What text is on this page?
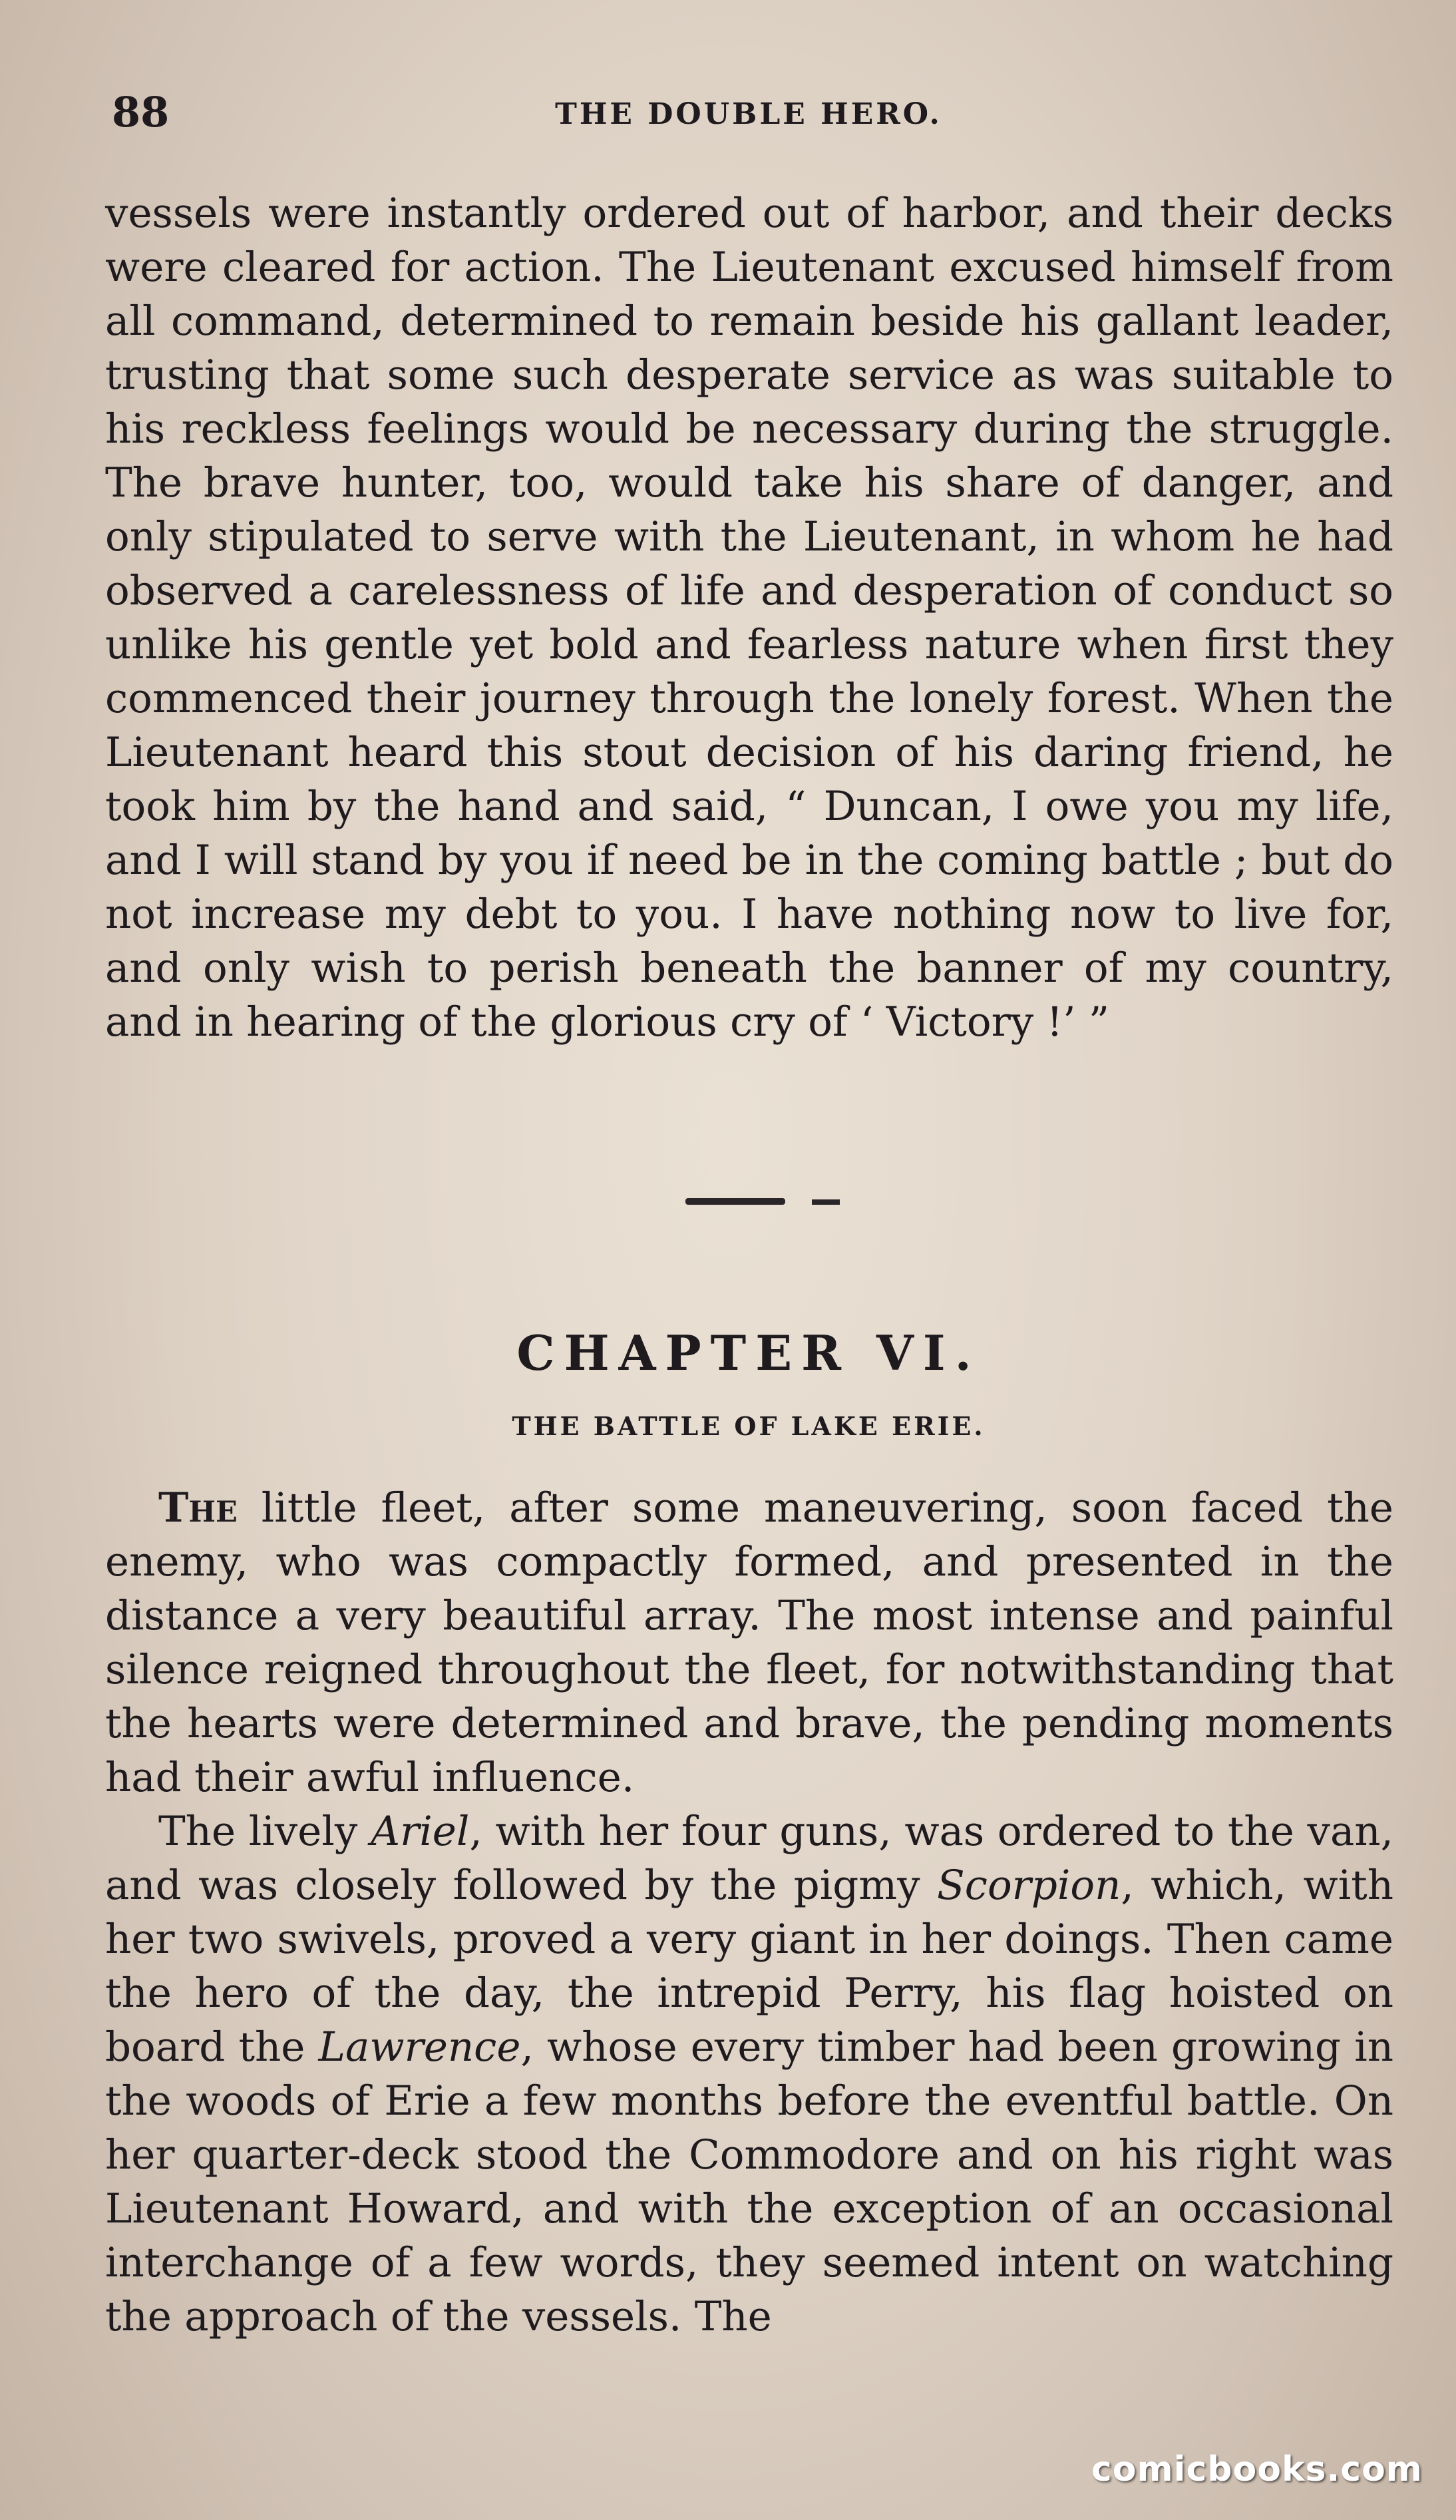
88	THE DOUBLE HERO.

vessels were instantly ordered out of harbor, and their decks were cleared for action. The Lieutenant excused himself from all command, determined to remain beside his gallant leader, trusting that some such desperate service as was suitable to his reckless feelings would be necessary during the struggle. The brave hunter, too, would take his share of danger, and only stipulated to serve with the Lieutenant, in whom he had observed a carelessness of life and desperation of conduct so unlike his gentle yet bold and fearless nature when first they commenced their journey through the lonely forest. When the Lieutenant heard this stout decision of his daring friend, he took him by the hand and said, “ Duncan, I owe you my life, and I will stand by you if need be in the coming battle ; but do not increase my debt to you. I have nothing now to live for, and only wish to perish beneath the banner of my country, and in hearing of the glorious cry of ‘ Victory !’ ”

CHAPTER VI.
THE BATTLE OF LAKE ERIE.

The little fleet, after some maneuvering, soon faced the enemy, who was compactly formed, and presented in the distance a very beautiful array. The most intense and painful silence reigned throughout the fleet, for notwithstanding that the hearts were determined and brave, the pending moments had their awful influence.

The lively Ariel, with her four guns, was ordered to the van, and was closely followed by the pigmy Scorpion, which, with her two swivels, proved a very giant in her doings. Then came the hero of the day, the intrepid Perry, his flag hoisted on board the Lawrence, whose every timber had been growing in the woods of Erie a few months before the eventful battle. On her quarter-deck stood the Commodore and on his right was Lieutenant Howard, and with the exception of an occasional interchange of a few words, they seemed intent on watching the approach of the vessels. The

comicbooks.com
